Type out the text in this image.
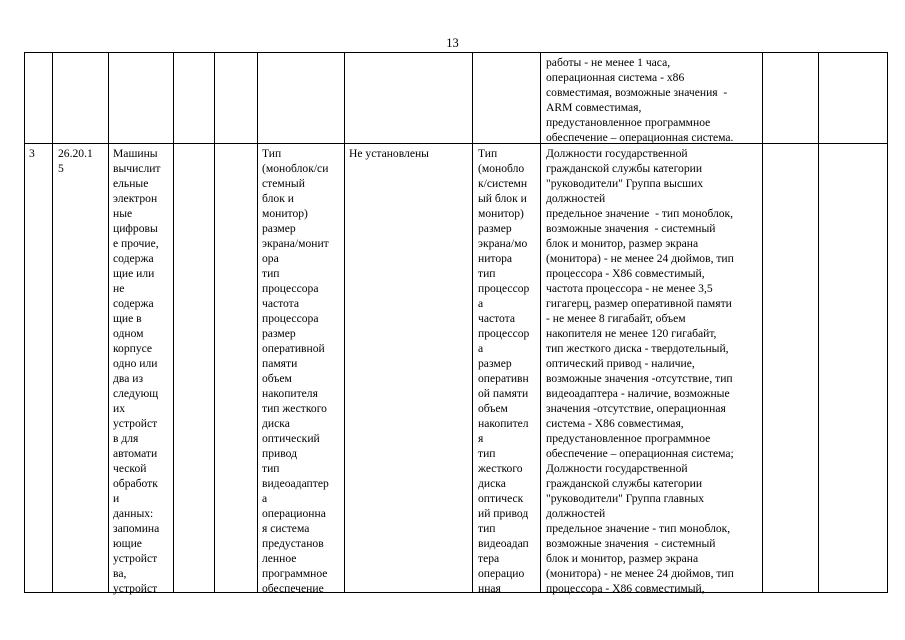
13
работы - не менее 1 часа,
операционная система - x86
совместимая, возможные значения  -
ARM совместимая,
предустановленное программное
обеспечение – операционная система.
3	26.20.1
5
Машины
вычислит
ельные
электрон
ные
цифровы
е прочие,
содержа
щие или
не
содержа
щие в
одном
корпусе
одно или
два из
следующ
их
устройст
в для
автомати
ческой
обработк
и
данных:
запомина
ющие
устройст
ва,
устройст
Тип
(моноблок/си
стемный
блок и
монитор)
размер
экрана/монит
ора
тип
процессора
частота
процессора
размер
оперативной
памяти
объем
накопителя
тип жесткого
диска
оптический
привод
тип
видеоадаптер
а
операционна
я система
предустанов
ленное
программное
обеспечение
Не установлены	Тип
(монобло
к/системн
ый блок и
монитор)
размер
экрана/мо
нитора
тип
процессор
а
частота
процессор
а
размер
оперативн
ой памяти
объем
накопител
я
тип
жесткого
диска
оптическ
ий привод
тип
видеоадап
тера
операцио
нная
Должности государственной
гражданской службы категории
"руководители" Группа высших
должностей
предельное значение  - тип моноблок,
возможные значения  - системный
блок и монитор, размер экрана
(монитора) - не менее 24 дюймов, тип
процессора - X86 совместимый,
частота процессора - не менее 3,5
гигагерц, размер оперативной памяти
- не менее 8 гигабайт, объем
накопителя не менее 120 гигабайт,
тип жесткого диска - твердотельный,
оптический привод - наличие,
возможные значения -отсутствие, тип
видеоадаптера - наличие, возможные
значения -отсутствие, операционная
система - X86 совместимая,
предустановленное программное
обеспечение – операционная система;
Должности государственной
гражданской службы категории
"руководители" Группа главных
должностей
предельное значение - тип моноблок,
возможные значения  - системный
блок и монитор, размер экрана
(монитора) - не менее 24 дюймов, тип
процессора - X86 совместимый,
